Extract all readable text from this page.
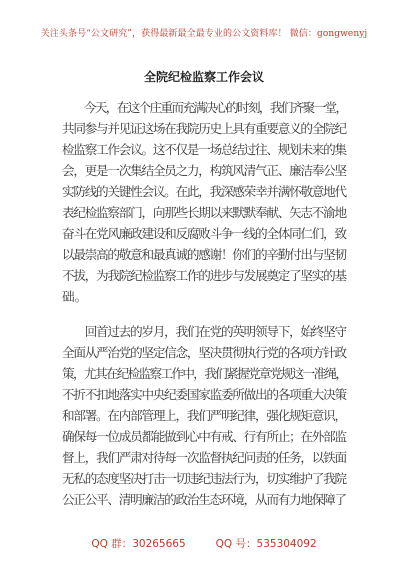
关注头条号“公文研究”，获得最新最全最专业的公文资料库！ 微信：gongwenyj
全院纪检监察工作会议
　　今天，在这个庄重而充满决心的时刻，我们齐聚一堂，
共同参与并见证这场在我院历史上具有重要意义的全院纪
检监察工作会议。这不仅是一场总结过往、规划未来的集
会，更是一次集结全员之力，构筑风清气正、廉洁奉公坚
实防线的关键性会议。在此，我深感荣幸并满怀敬意地代
表纪检监察部门，向那些长期以来默默奉献、矢志不渝地
奋斗在党风廉政建设和反腐败斗争一线的全体同仁们，致
以最崇高的敬意和最真诚的感谢！你们的辛勤付出与坚韧
不拔，为我院纪检监察工作的进步与发展奠定了坚实的基
础。
　　回首过去的岁月，我们在党的英明领导下，始终坚守
全面从严治党的坚定信念，坚决贯彻执行党的各项方针政
策，尤其在纪检监察工作中，我们紧握党章党规这一准绳，
不折不扣地落实中央纪委国家监委所做出的各项重大决策
和部署。在内部管理上，我们严明纪律，强化规矩意识，
确保每一位成员都能做到心中有戒、行有所止；在外部监
督上，我们严肃对待每一次监督执纪问责的任务，以铁面
无私的态度坚决打击一切违纪违法行为，切实维护了我院
公正公平、清明廉洁的政治生态环境，从而有力地保障了
QQ 群：30265665	QQ 号：535304092
